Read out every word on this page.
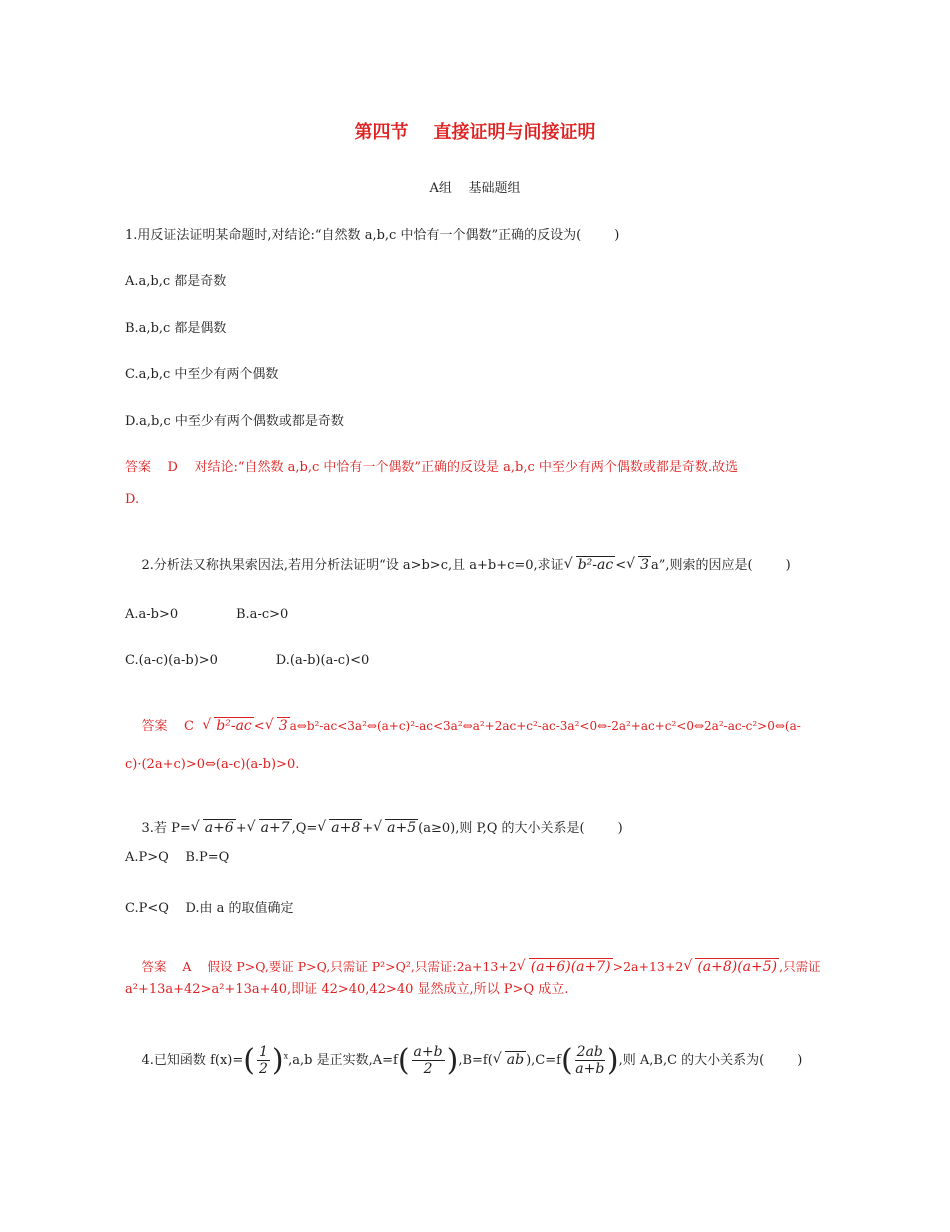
第四节    直接证明与间接证明
A组    基础题组
1.用反证法证明某命题时,对结论:“自然数 a,b,c 中恰有一个偶数”正确的反设为(        )
A.a,b,c 都是奇数
B.a,b,c 都是偶数
C.a,b,c 中至少有两个偶数
D.a,b,c 中至少有两个偶数或都是奇数
答案    D    对结论:“自然数 a,b,c 中恰有一个偶数”正确的反设是 a,b,c 中至少有两个偶数或都是奇数.故选
D.

2.分析法又称执果索因法,若用分析法证明“设 a>b>c,且 a+b+c=0,求证√ b²-ac <√ 3 a”,则索的因应是(        )

A.a-b>0              B.a-c>0
C.(a-c)(a-b)>0              D.(a-b)(a-c)<0

答案    C  √ b²-ac <√ 3 a⇔b²-ac<3a²⇔(a+c)²-ac<3a²⇔a²+2ac+c²-ac-3a²<0⇔-2a²+ac+c²<0⇔2a²-ac-c²>0⇔(a-

c)·(2a+c)>0⇔(a-c)(a-b)>0.

3.若 P=√ a+6 +√ a+7 ,Q=√ a+8 +√ a+5 (a≥0),则 P,Q 的大小关系是(        )

A.P>Q    B.P=Q
C.P<Q    D.由 a 的取值确定

答案    A    假设 P>Q,要证 P>Q,只需证 P²>Q²,只需证:2a+13+2√ (a+6)(a+7) >2a+13+2√ (a+8)(a+5) ,只需证

a²+13a+42>a²+13a+40,即证 42>40,42>40 显然成立,所以 P>Q 成立.

4.已知函数 $f(x)=( \frac{1}{2} )^x,a,b$ 是正实数$,A=f( \frac{a+b}{2} ),B=f(√$ ab )$,C=f( \frac{2ab}{a+b}$ ),则 A,B,C 的大小关系为(        )
